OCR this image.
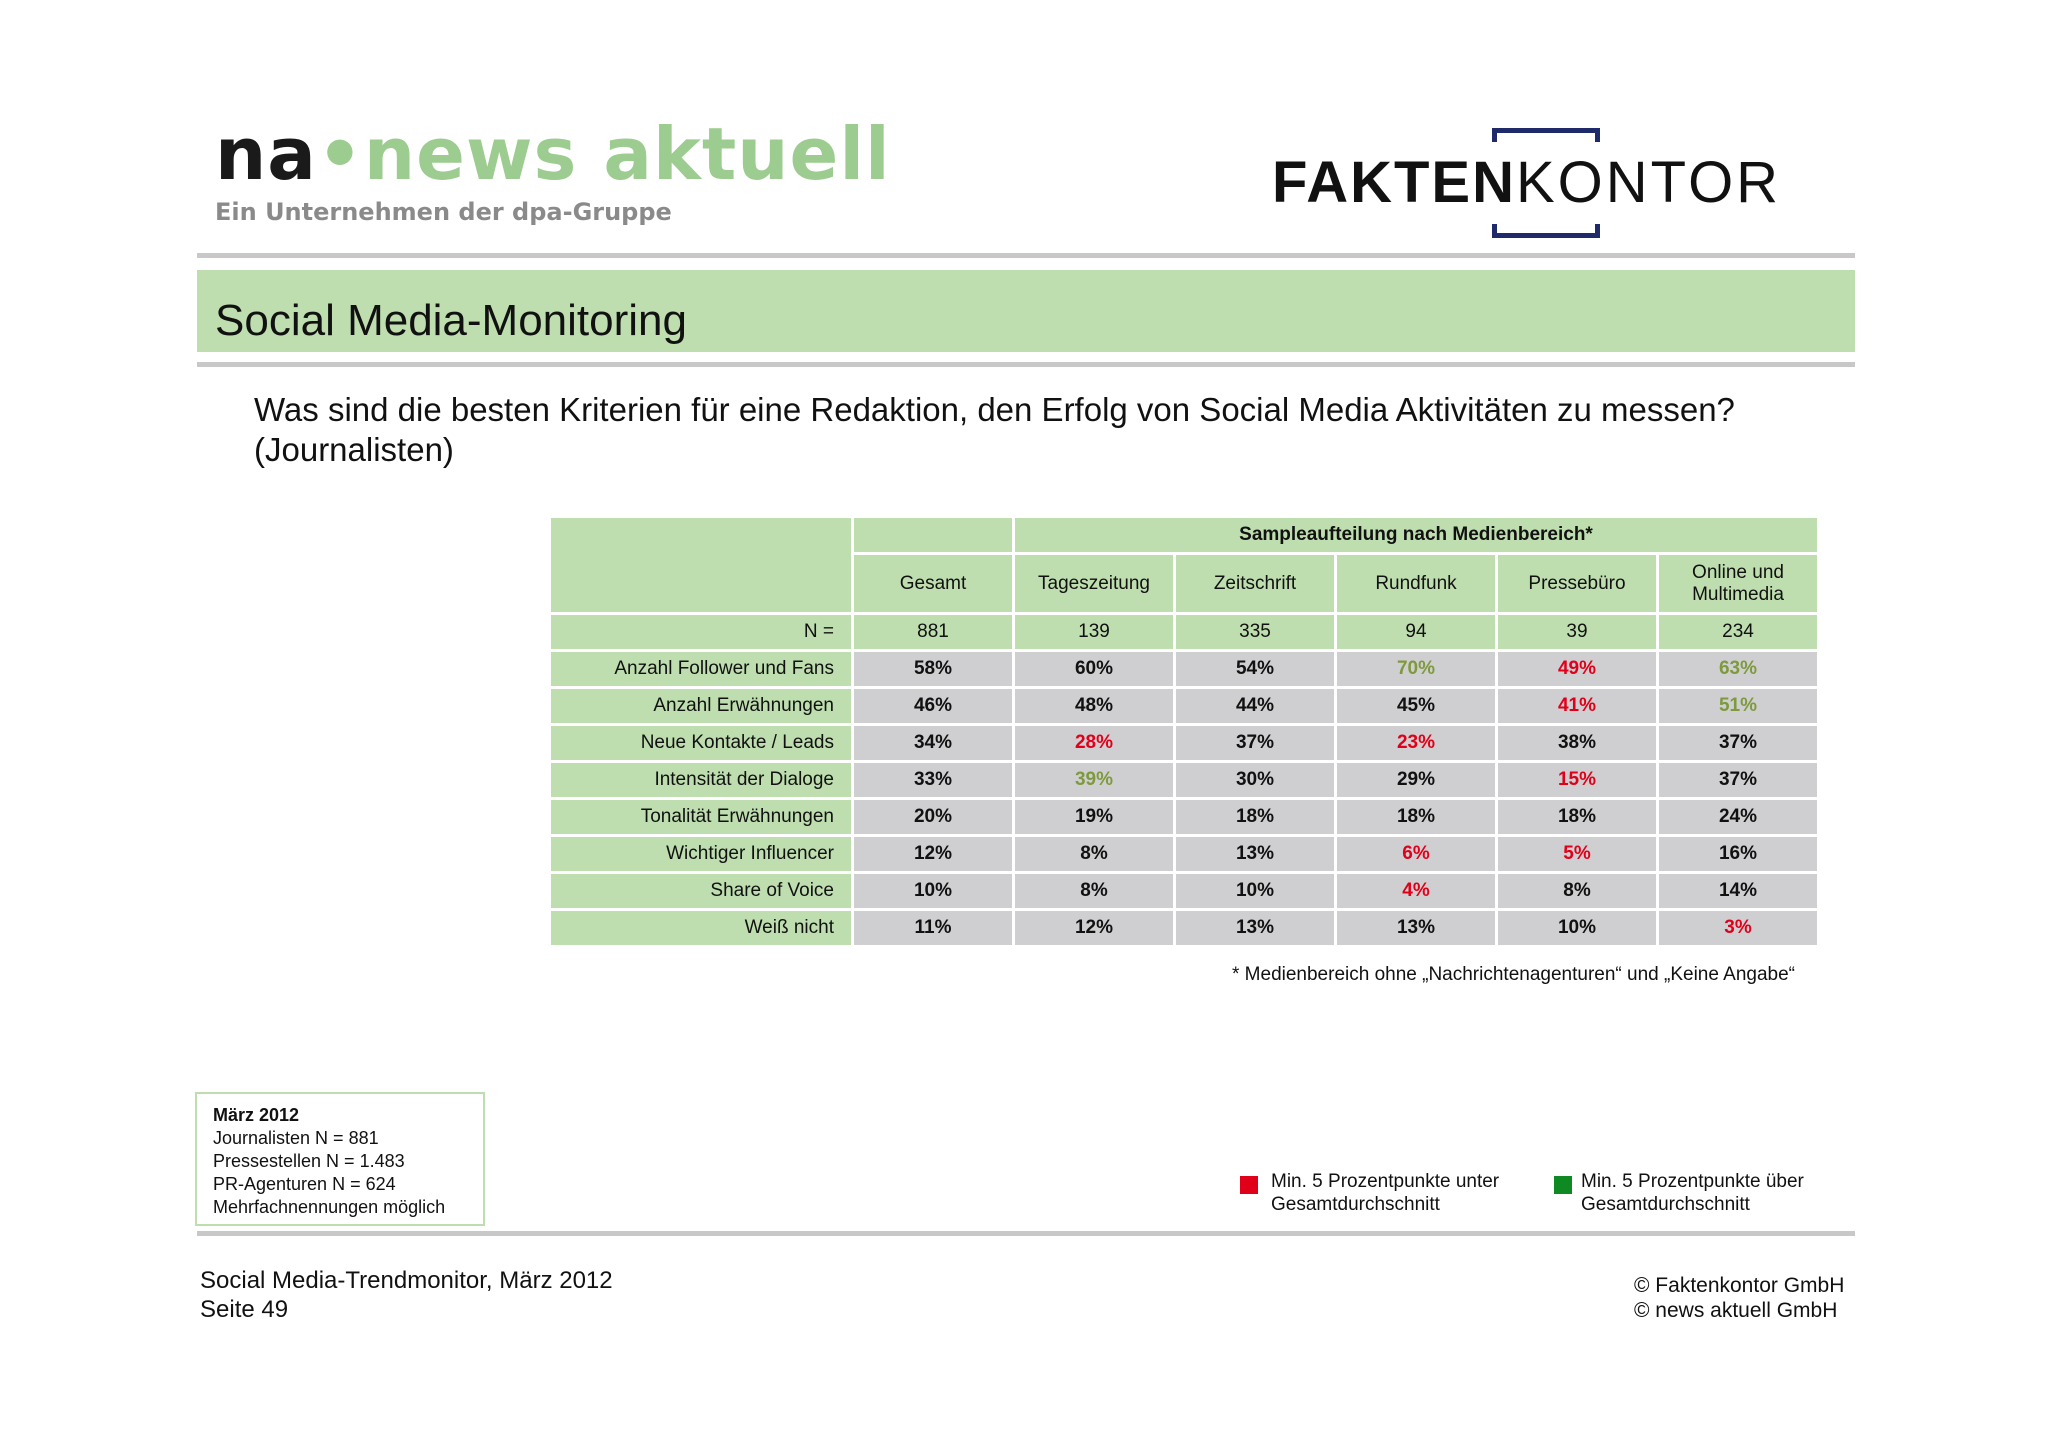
na•news aktuell
Ein Unternehmen der dpa-Gruppe	FAKTENKONTOR
Social Media-Monitoring
Was sind die besten Kriterien für eine Redaktion, den Erfolg von Social Media Aktivitäten zu messen? (Journalisten)
		Sampleaufteilung nach Medienbereich*				
	Gesamt	Tageszeitung	Zeitschrift	Rundfunk	Pressebüro	Online und Multimedia
N =	881	139	335	94	39	234
Anzahl Follower und Fans	58%	60%	54%	70%	49%	63%
Anzahl Erwähnungen	46%	48%	44%	45%	41%	51%
Neue Kontakte / Leads	34%	28%	37%	23%	38%	37%
Intensität der Dialoge	33%	39%	30%	29%	15%	37%
Tonalität Erwähnungen	20%	19%	18%	18%	18%	24%
Wichtiger Influencer	12%	8%	13%	6%	5%	16%
Share of Voice	10%	8%	10%	4%	8%	14%
Weiß nicht	11%	12%	13%	13%	10%	3%
* Medienbereich ohne „Nachrichtenagenturen“ und „Keine Angabe“
März 2012
Journalisten N = 881
Pressestellen N = 1.483
PR-Agenturen N = 624
Mehrfachnennungen möglich
Min. 5 Prozentpunkte unter Gesamtdurchschnitt
Min. 5 Prozentpunkte über Gesamtdurchschnitt
Social Media-Trendmonitor, März 2012
Seite 49
© Faktenkontor GmbH
© news aktuell GmbH
